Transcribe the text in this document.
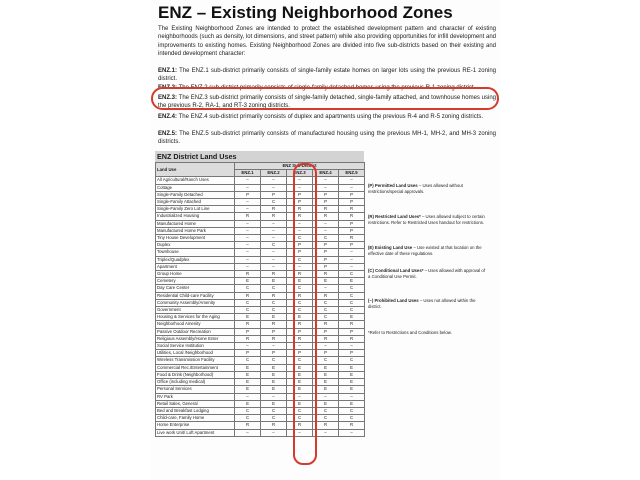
ENZ – Existing Neighborhood Zones
The Existing Neighborhood Zones are intended to protect the established development pattern and character of existing neighborhoods (such as density, lot dimensions, and street pattern) while also providing opportunities for infill development and improvements to existing homes. Existing Neighborhood Zones are divided into five sub-districts based on their existing and intended development character:
ENZ.1: The ENZ.1 sub-district primarily consists of single-family estate homes on larger lots using the previous RE-1 zoning district.
ENZ.2: The ENZ.2 sub-district primarily consists of single-family detached homes using the previous R-1 zoning district.
ENZ.3: The ENZ.3 sub-district primarily consists of single-family detached, single-family attached, and townhouse homes using the previous R-2, RA-1, and RT-3 zoning districts.
ENZ.4: The ENZ.4 sub-district primarily consists of duplex and apartments using the previous R-4 and R-5 zoning districts.
ENZ.5: The ENZ.5 sub-district primarily consists of manufactured housing using the previous MH-1, MH-2, and MH-3 zoning districts.
ENZ District Land Uses
Land Use	ENZ Sub-District				
	ENZ.1	ENZ.2	ENZ.3	ENZ.4	ENZ.5
All Agricultural/Ranch Uses	–	–	–	–	–
Cottage	–	–	–	–	–
Single-Family Detached	P	P	P	P	P
Single-Family Attached	–	C	P	P	P
Single-Family Zero Lot Line	–	R	R	R	R
Industrialized Housing	R	R	R	R	R
Manufactured Home	–	–	–	–	P
Manufactured Home Park	–	–	–	–	P
Tiny House Development	–	–	C	C	R
Duplex	–	C	P	P	P
Townhouse	–	–	P	P	–
Triplex/Quadplex	–	–	C	P	–
Apartment	–	–	–	P	–
Group Home	R	R	R	R	C
Cemetery	E	E	E	E	E
Day Care Center	C	C	C	–	C
Residential Child-care Facility	R	R	R	R	C
Community Assembly/Amenity	C	C	C	C	C
Government	C	C	C	C	C
Housing & Services for the Aging	E	E	E	C	E
Neighborhood Amenity	R	R	R	R	R
Passive Outdoor Recreation	P	P	P	P	P
Religious Assembly/Home Enter	R	R	R	R	R
Social Service Institution	–	–	–	–	–
Utilities, Local /Neighborhood	P	P	P	P	P
Wireless Transmission Facility	C	C	C	C	C
Commercial Rec./Entertainment	E	E	E	E	E
Food & Drink (Neighborhood)	E	E	E	E	E
Office (including medical)	E	E	E	E	E
Personal Services	E	E	E	E	E
RV Park	–	–	–	–	–
Retail Sales, General	E	E	E	E	E
Bed and Breakfast Lodging	C	C	C	C	C
Child-care, Family Home	C	C	C	C	C
Home Enterprise	R	R	R	R	R
Live work Unit/ Loft Apartment	–	–	–	–	–
(P) Permitted Land Uses – Uses allowed without restrictions/special approvals.
(R) Restricted Land Uses* – Uses allowed subject to certain restrictions. Refer to Restricted Uses handout for restrictions.
(E) Existing Land Use – Use existed at that location on the effective date of these regulations.
(C) Conditional Land Uses* – Uses allowed with approval of a Conditional Use Permit.
(–) Prohibited Land Uses – Uses not allowed within the district.
*Refer to Restrictions and Conditions below.
